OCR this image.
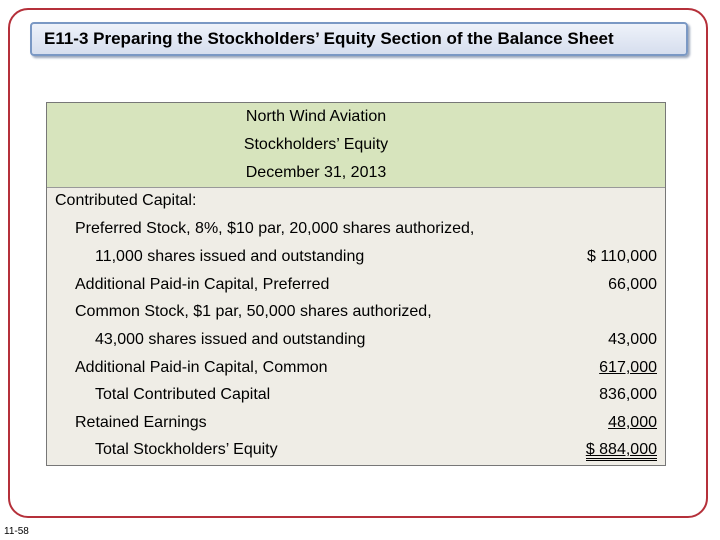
E11-3 Preparing the Stockholders’ Equity Section of the Balance Sheet
North Wind Aviation
Stockholders’ Equity
December 31, 2013
Contributed Capital:
Preferred Stock, 8%, $10 par, 20,000 shares authorized,
11,000 shares issued and outstanding	$ 110,000
Additional Paid-in Capital, Preferred	66,000
Common Stock, $1 par, 50,000 shares authorized,
43,000 shares issued and outstanding	43,000
Additional Paid-in Capital, Common	617,000
Total Contributed Capital	836,000
Retained Earnings	48,000
Total Stockholders’ Equity	$ 884,000
11-58
